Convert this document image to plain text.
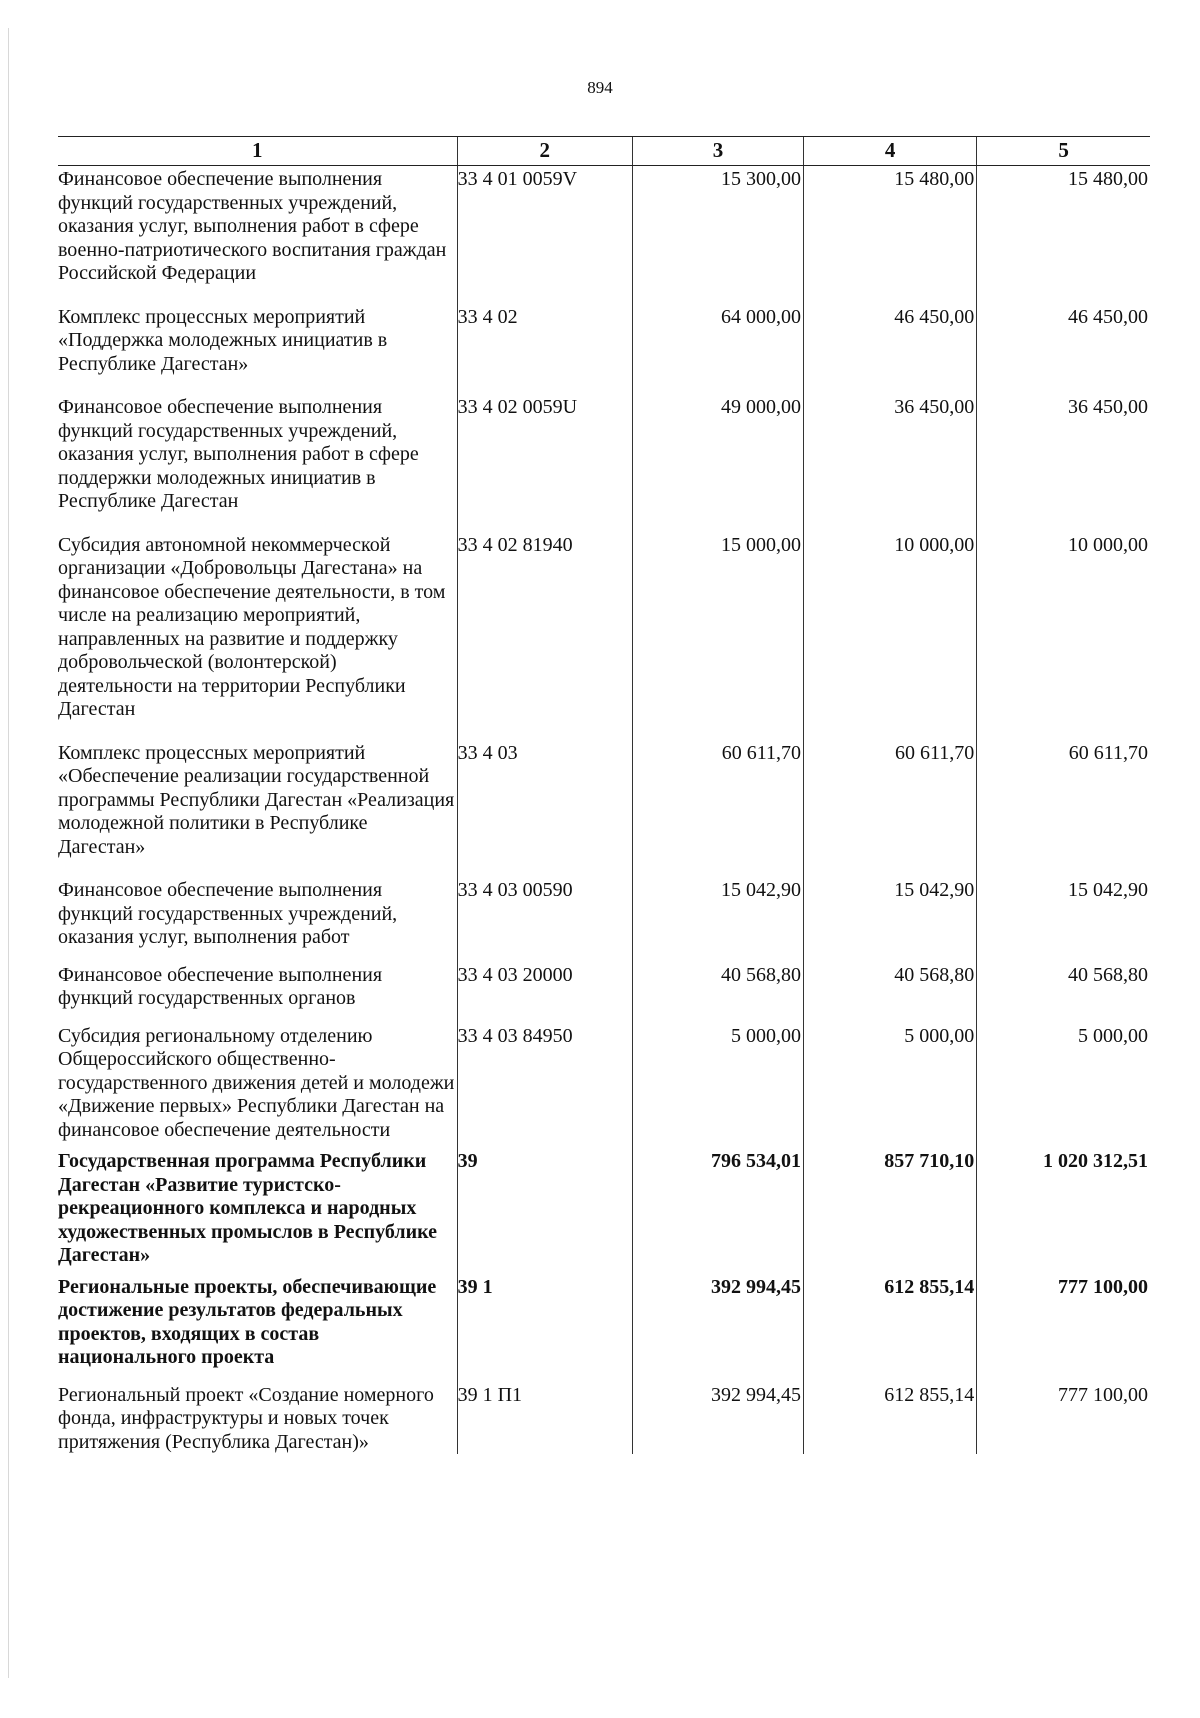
894
1	2	3	4	5
Финансовое обеспечение выполнения функций государственных учреждений, оказания услуг, выполнения работ в сфере военно-патриотического воспитания граждан Российской Федерации	33 4 01 0059V	15 300,00	15 480,00	15 480,00
Комплекс процессных мероприятий «Поддержка молодежных инициатив в Республике Дагестан»	33 4 02	64 000,00	46 450,00	46 450,00
Финансовое обеспечение выполнения функций государственных учреждений, оказания услуг, выполнения работ в сфере поддержки молодежных инициатив в Республике Дагестан	33 4 02 0059U	49 000,00	36 450,00	36 450,00
Субсидия автономной некоммерческой организации «Добровольцы Дагестана» на финансовое обеспечение деятельности, в том числе на реализацию мероприятий, направленных на развитие и поддержку добровольческой (волонтерской) деятельности на территории Республики Дагестан	33 4 02 81940	15 000,00	10 000,00	10 000,00
Комплекс процессных мероприятий «Обеспечение реализации государственной программы Республики Дагестан «Реализация молодежной политики в Республике Дагестан»	33 4 03	60 611,70	60 611,70	60 611,70
Финансовое обеспечение выполнения функций государственных учреждений, оказания услуг, выполнения работ	33 4 03 00590	15 042,90	15 042,90	15 042,90
Финансовое обеспечение выполнения функций государственных органов	33 4 03 20000	40 568,80	40 568,80	40 568,80
Субсидия региональному отделению Общероссийского общественно-государственного движения детей и молодежи «Движение первых» Республики Дагестан на финансовое обеспечение деятельности	33 4 03 84950	5 000,00	5 000,00	5 000,00
Государственная программа Республики Дагестан «Развитие туристско-рекреационного комплекса и народных художественных промыслов в Республике Дагестан»	39	796 534,01	857 710,10	1 020 312,51
Региональные проекты, обеспечивающие достижение результатов федеральных проектов, входящих в состав национального проекта	39 1	392 994,45	612 855,14	777 100,00
Региональный проект «Создание номерного фонда, инфраструктуры и новых точек притяжения (Республика Дагестан)»	39 1 П1	392 994,45	612 855,14	777 100,00
